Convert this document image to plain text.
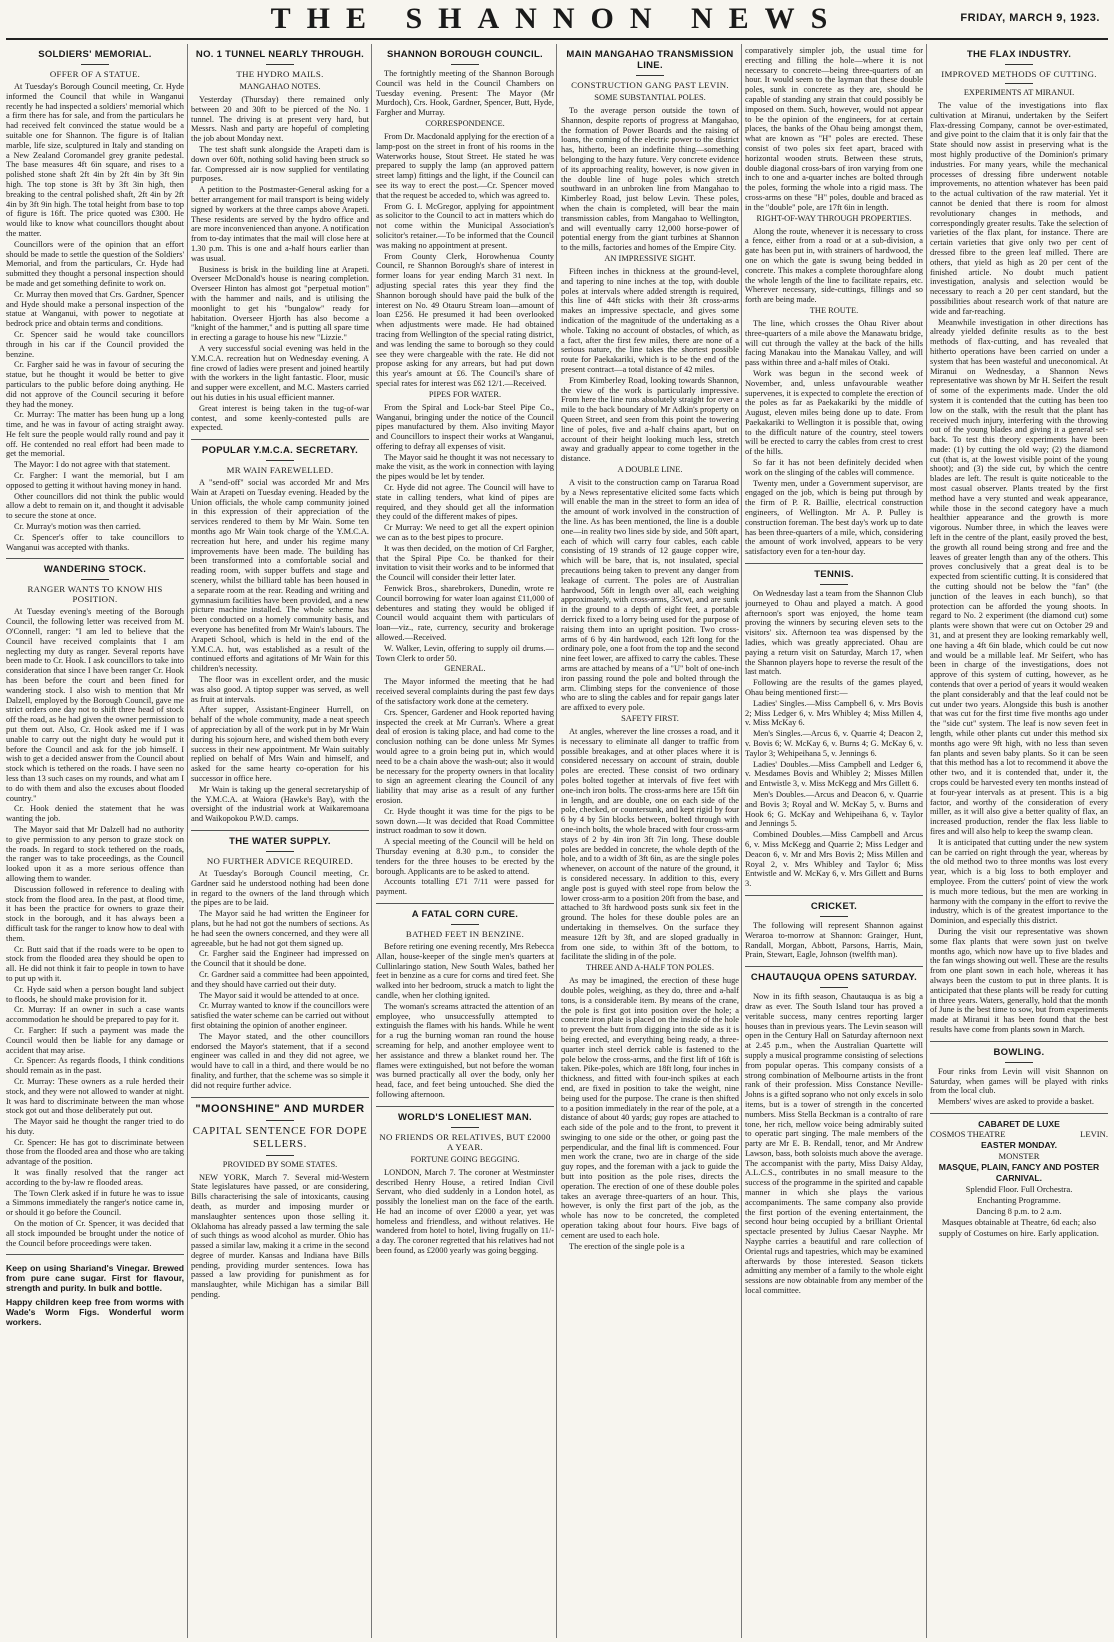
THE SHANNON NEWS	FRIDAY, MARCH 9, 1923.
SOLDIERS' MEMORIAL.
OFFER OF A STATUE.

At Tuesday's Borough Council meeting, Cr. Hyde informed the Council that while in Wanganui recently he had inspected a soldiers' memorial which a firm there has for sale, and from the particulars he had received felt convinced the statue would be a suitable one for Shannon. The figure is of Italian marble, life size, sculptured in Italy and standing on a New Zealand Coromandel grey granite pedestal. The base measures 4ft 6in square, and rises to a polished stone shaft 2ft 4in by 2ft 4in by 3ft 9in high. The top stone is 3ft by 3ft 3in high, then breaking to the central polished shaft, 2ft 4in by 2ft 4in by 3ft 9in high. The total height from base to top of figure is 16ft. The price quoted was £300. He would like to know what councillors thought about the matter.

Councillors were of the opinion that an effort should be made to settle the question of the Soldiers' Memorial, and from the particulars, Cr. Hyde had submitted they thought a personal inspection should be made and get something definite to work on.

Cr. Murray then moved that Crs. Gardner, Spencer and Hyde should make a personal inspection of the statue at Wanganui, with power to negotiate at bedrock price and obtain terms and conditions.

Cr. Spencer said he would take councillors through in his car if the Council provided the benzine.

Cr. Fargher said he was in favour of securing the statue, but he thought it would be better to give particulars to the public before doing anything. He did not approve of the Council securing it before they had the money.

Cr. Murray: The matter has been hung up a long time, and he was in favour of acting straight away. He felt sure the people would rally round and pay it off. He contended no real effort had been made to get the memorial.

The Mayor: I do not agree with that statement.

Cr. Fargher: I want the memorial, but I am opposed to getting it without having money in hand.

Other councillors did not think the public would allow a debt to remain on it, and thought it advisable to secure the stone at once.

Cr. Murray's motion was then carried.

Cr. Spencer's offer to take councillors to Wanganui was accepted with thanks.

WANDERING STOCK.
RANGER WANTS TO KNOW HIS POSITION.

At Tuesday evening's meeting of the Borough Council, the following letter was received from M. O'Connell, ranger: "I am led to believe that the Council have received complaints that I am neglecting my duty as ranger. Several reports have been made to Cr. Hook. I ask councillors to take into consideration that since I have been ranger Cr. Hook has been before the court and been fined for wandering stock. I also wish to mention that Mr Dalzell, employed by the Borough Council, gave me strict orders one day not to shift three head of stock off the road, as he had given the owner permission to put them out. Also, Cr. Hook asked me if I was unable to carry out the night duty he would put it before the Council and ask for the job himself. I wish to get a decided answer from the Council about stock which is tethered on the roads. I have seen no less than 13 such cases on my rounds, and what am I to do with them and also the excuses about flooded country."

Cr. Hook denied the statement that he was wanting the job.

The Mayor said that Mr Dalzell had no authority to give permission to any person to graze stock on the roads. In regard to stock tethered on the roads, the ranger was to take proceedings, as the Council looked upon it as a more serious offence than allowing them to wander.

Discussion followed in reference to dealing with stock from the flood area. In the past, at flood time, it has been the practice for owners to graze their stock in the borough, and it has always been a difficult task for the ranger to know how to deal with them.

Cr. Butt said that if the roads were to be open to stock from the flooded area they should be open to all. He did not think it fair to people in town to have to put up with it.

Cr. Hyde said when a person bought land subject to floods, he should make provision for it.

Cr. Murray: If an owner in such a case wants accommodation he should be prepared to pay for it.

Cr. Fargher: If such a payment was made the Council would then be liable for any damage or accident that may arise.

Cr. Spencer: As regards floods, I think conditions should remain as in the past.

Cr. Murray: These owners as a rule herded their stock, and they were not allowed to wander at night. It was hard to discriminate between the man whose stock got out and those deliberately put out.

The Mayor said he thought the ranger tried to do his duty.

Cr. Spencer: He has got to discriminate between those from the flooded area and those who are taking advantage of the position.

It was finally resolved that the ranger act according to the by-law re flooded areas.

The Town Clerk asked if in future he was to issue a Simmons immediately the ranger's notice came in, or should it go before the Council.

On the motion of Cr. Spencer, it was decided that all stock impounded be brought under the notice of the Council before proceedings were taken.

Keep on using Shariand's Vinegar. Brewed from pure cane sugar. First for flavour, strength and purity. In bulk and bottle.
Happy children keep free from worms with Wade's Worm Figs. Wonderful worm workers.
NO. 1 TUNNEL NEARLY THROUGH.
THE HYDRO MAILS.
MANGAHAO NOTES.

Yesterday (Thursday) there remained only between 20 and 30ft to be pierced of the No. 1 tunnel. The driving is at present very hard, but Messrs. Nash and party are hopeful of completing the job about Monday next.

The test shaft sunk alongside the Arapeti dam is down over 60ft, nothing solid having been struck so far. Compressed air is now supplied for ventilating purposes.

A petition to the Postmaster-General asking for a better arrangement for mail transport is being widely signed by workers at the three camps above Arapeti. These residents are served by the hydro office and are more inconvenienced than anyone. A notification from to-day intimates that the mail will close here at 1.30 p.m. This is one and a-half hours earlier than was usual.

Business is brisk in the building line at Arapeti. Overseer McDonald's house is nearing completion. Overseer Hinton has almost got "perpetual motion" with the hammer and nails, and is utilising the moonlight to get his "bungalow" ready for habitation. Overseer Hjorth has also become a "knight of the hammer," and is putting all spare time in erecting a garage to house his new "Lizzie."

A very successful social evening was held in the Y.M.C.A. recreation hut on Wednesday evening. A fine crowd of ladies were present and joined heartily with the workers in the light fantastic. Floor, music and supper were excellent, and M.C. Masters carried out his duties in his usual efficient manner.

Great interest is being taken in the tug-of-war contest, and some keenly-contested pulls are expected.

POPULAR Y.M.C.A. SECRETARY.
MR WAIN FAREWELLED.

A "send-off" social was accorded Mr and Mrs Wain at Arapeti on Tuesday evening. Headed by the Union officials, the whole camp community joined in this expression of their appreciation of the services rendered to them by Mr Wain. Some ten months ago Mr Wain took charge of the Y.M.C.A. recreation hut here, and under his regime many improvements have been made. The building has been transformed into a comfortable social and reading room, with supper buffets and stage and scenery, whilst the billiard table has been housed in a separate room at the rear. Reading and writing and gymnasium facilities have been provided, and a new picture machine installed. The whole scheme has been conducted on a homely community basis, and everyone has benefited from Mr Wain's labours. The Arapeti School, which is held in the end of the Y.M.C.A. hut, was established as a result of the continued efforts and agitations of Mr Wain for this children's necessity.

The floor was in excellent order, and the music was also good. A tiptop supper was served, as well as fruit at intervals.

After supper, Assistant-Engineer Hurrell, on behalf of the whole community, made a neat speech of appreciation by all of the work put in by Mr Wain during his sojourn here, and wished them both every success in their new appointment. Mr Wain suitably replied on behalf of Mrs Wain and himself, and asked for the same hearty co-operation for his successor in office here.

Mr Wain is taking up the general secretaryship of the Y.M.C.A. at Waiora (Hawke's Bay), with the oversight of the industrial work at Waikaremoana and Waikopokou P.W.D. camps.

THE WATER SUPPLY.
NO FURTHER ADVICE REQUIRED.

At Tuesday's Borough Council meeting, Cr. Gardner said he understood nothing had been done in regard to the owners of the land through which the pipes are to be laid.

The Mayor said he had written the Engineer for plans, but he had not got the numbers of sections. As he had seen the owners concerned, and they were all agreeable, but he had not got them signed up.

Cr. Fargher said the Engineer had impressed on the Council that it should be done.

Cr. Gardner said a committee had been appointed, and they should have carried out their duty.

The Mayor said it would be attended to at once.

Cr. Murray wanted to know if the councillors were satisfied the water scheme can be carried out without first obtaining the opinion of another engineer.

The Mayor stated, and the other councillors endorsed the Mayor's statement, that if a second engineer was called in and they did not agree, we would have to call in a third, and there would be no finality, and further, that the scheme was so simple it did not require further advice.

"MOONSHINE" AND MURDER
CAPITAL SENTENCE FOR DOPE SELLERS.
PROVIDED BY SOME STATES.

NEW YORK, March 7. Several mid-Western State legislatures have passed, or are considering, Bills characterising the sale of intoxicants, causing death, as murder and imposing murder or manslaughter sentences upon those selling it. Oklahoma has already passed a law terming the sale of such things as wood alcohol as murder. Ohio has passed a similar law, making it a crime in the second degree of murder. Kansas and Indiana have Bills pending, providing murder sentences. Iowa has passed a law providing for punishment as for manslaughter, while Michigan has a similar Bill pending.

SHANNON BOROUGH COUNCIL.

The fortnightly meeting of the Shannon Borough Council was held in the Council Chambers on Tuesday evening. Present: The Mayor (Mr Murdoch), Crs. Hook, Gardner, Spencer, Butt, Hyde, Fargher and Murray.

CORRESPONDENCE.

From Dr. Macdonald applying for the erection of a lamp-post on the street in front of his rooms in the Waterworks house, Stout Street. He stated he was prepared to supply the lamp (an approved pattern street lamp) fittings and the light, if the Council can see its way to erect the post.—Cr. Spencer moved that the request be acceded to, which was agreed to.

From G. I. McGregor, applying for appointment as solicitor to the Council to act in matters which do not come within the Municipal Association's solicitor's retainer.—To be informed that the Council was making no appointment at present.

From County Clerk, Horowhenua County Council, re Shannon Borough's share of interest in former loans for year ending March 31 next. In adjusting special rates this year they find the Shannon borough should have paid the bulk of the interest on No. 49 Otauru Stream loan—amount of loan £256. He presumed it had been overlooked when adjustments were made. He had obtained tracing from Wellington of the special rating district, and was lending the same to borough so they could see they were chargeable with the rate. He did not propose asking for any arrears, but had put down this year's amount at £6. The Council's share of special rates for interest was £62 12/1.—Received.

PIPES FOR WATER.

From the Spiral and Lock-bar Steel Pipe Co., Wanganui, bringing under the notice of the Council pipes manufactured by them. Also inviting Mayor and Councillors to inspect their works at Wanganui, offering to defray all expenses of visit.

The Mayor said he thought it was not necessary to make the visit, as the work in connection with laying the pipes would be let by tender.

Cr. Hyde did not agree. The Council will have to state in calling tenders, what kind of pipes are required, and they should get all the information they could of the different makes of pipes.

Cr Murray: We need to get all the expert opinion we can as to the best pipes to procure.

It was then decided, on the motion of Crl Fargher, that the Spiral Pipe Co. be thanked for their invitation to visit their works and to be informed that the Council will consider their letter later.

Fenwick Bros., sharebrokers, Dunedin, wrote re Council borrowing for water loan against £11,000 of debentures and stating they would be obliged if Council would acquaint them with particulars of loan—viz., rate, currency, security and brokerage allowed.—Received.

W. Walker, Levin, offering to supply oil drums.—Town Clerk to order 50.

GENERAL.

The Mayor informed the meeting that he had received several complaints during the past few days of the satisfactory work done at the cemetery.

Crs. Spencer, Gardener and Hook reported having inspected the creek at Mr Curran's. Where a great deal of erosion is taking place, and had come to the conclusion nothing can be done unless Mr Symes would agree to a groin being put in, which would need to be a chain above the wash-out; also it would be necessary for the property owners in that locality to sign an agreement clearing the Council of any liability that may arise as a result of any further erosion.

Cr. Hyde thought it was time for the pigs to be sown down.—It was decided that Road Committee instruct roadman to sow it down.

A special meeting of the Council will be held on Thursday evening at 8.30 p.m., to consider the tenders for the three houses to be erected by the borough. Applicants are to be asked to attend.

Accounts totalling £71 7/11 were passed for payment.

A FATAL CORN CURE.
BATHED FEET IN BENZINE.

Before retiring one evening recently, Mrs Rebecca Allan, house-keeper of the single men's quarters at Cullinlaringo station, New South Wales, bathed her feet in benzine as a cure for corns and tired feet. She walked into her bedroom, struck a match to light the candle, when her clothing ignited.

The woman's screams attracted the attention of an employee, who unsuccessfully attempted to extinguish the flames with his hands. While he went for a rug the burning woman ran round the house screaming for help, and another employee went to her assistance and threw a blanket round her. The flames were extinguished, but not before the woman was burned practically all over the body, only her head, face, and feet being untouched. She died the following afternoon.

WORLD'S LONELIEST MAN.
NO FRIENDS OR RELATIVES, BUT £2000 A YEAR.
FORTUNE GOING BEGGING.

LONDON, March 7. The coroner at Westminster described Henry House, a retired Indian Civil Servant, who died suddenly in a London hotel, as possibly the loneliest man on the face of the earth. He had an income of over £2000 a year, yet was homeless and friendless, and without relatives. He wandered from hotel to hotel, living frugally on 11/- a day. The coroner regretted that his relatives had not been found, as £2000 yearly was going begging.

MAIN MANGAHAO TRANSMISSION LINE.
CONSTRUCTION GANG PAST LEVIN.
SOME SUBSTANTIAL POLES.

To the average person outside the town of Shannon, despite reports of progress at Mangahao, the formation of Power Boards and the raising of loans, the coming of the electric power to the district has, hitherto, been an indefinite thing—something belonging to the hazy future. Very concrete evidence of its approaching reality, however, is now given in the double line of huge poles which stretch southward in an unbroken line from Mangahao to Kimberley Road, just below Levin. These poles, when the chain is completed, will bear the main transmission cables, from Mangahao to Wellington, and will eventually carry 12,000 horse-power of potential energy from the giant turbines at Shannon to the mills, factories and homes of the Empire City.

AN IMPRESSIVE SIGHT.

Fifteen inches in thickness at the ground-level, and tapering to nine inches at the top, with double poles at intervals where added strength is required, this line of 44ft sticks with their 3ft cross-arms makes an impressive spectacle, and gives some indication of the magnitude of the undertaking as a whole. Taking no account of obstacles, of which, as a fact, after the first few miles, there are none of a serious nature, the line takes the shortest possible route for Paekakariki, which is to be the end of the present contract—a total distance of 42 miles.

From Kimberley Road, looking towards Shannon, the view of the work is particularly impressive. From here the line runs absolutely straight for over a mile to the back boundary of Mr Adkin's property on Queen Street, and seen from this point the towering line of poles, five and a-half chains apart, but on account of their height looking much less, stretch away and gradually appear to come together in the distance.

A DOUBLE LINE.

A visit to the construction camp on Tararua Road by a News representative elicited some facts which will enable the man in the street to form an idea of the amount of work involved in the construction of the line. As has been mentioned, the line is a double one—in reality two lines side by side, and 50ft apart, each of which will carry four cables, each cable consisting of 19 strands of 12 gauge copper wire, which will be bare, that is, not insulated, special precautions being taken to prevent any danger from leakage of current. The poles are of Australian hardwood, 56ft in length over all, each weighing approximately, with cross-arms, 35cwt, and are sunk in the ground to a depth of eight feet, a portable derrick fixed to a lorry being used for the purpose of raising them into an upright position. Two cross-arms of 6 by 4in hardwood, each 12ft long for the ordinary pole, one a foot from the top and the second nine feet lower, are affixed to carry the cables. These arms are attached by means of a "U" bolt of one-inch iron passing round the pole and bolted through the arm. Climbing steps for the convenience of those who are to sling the cables and for repair gangs later are affixed to every pole.

SAFETY FIRST.

At angles, wherever the line crosses a road, and it is necessary to eliminate all danger to traffic from possible breakages, and at other places where it is considered necessary on account of strain, double poles are erected. These consist of two ordinary poles bolted together at intervals of five feet with one-inch iron bolts. The cross-arms here are 15ft 6in in length, and are double, one on each side of the pole, checked, or countersunk, and kept rigid by four 6 by 4 by 5in blocks between, bolted through with one-inch bolts, the whole braced with four cross-arm stays of 2 by 4in iron 3ft 7in long. These double poles are bedded in concrete, the whole depth of the hole, and to a width of 3ft 6in, as are the single poles whenever, on account of the nature of the ground, it is considered necessary. In addition to this, every angle post is guyed with steel rope from below the lower cross-arm to a position 20ft from the base, and attached to 3ft hardwood posts sunk six feet in the ground. The holes for these double poles are an undertaking in themselves. On the surface they measure 12ft by 3ft, and are sloped gradually in from one side, to within 3ft of the bottom, to facilitate the sliding in of the pole.

THREE AND A-HALF TON POLES.

As may be imagined, the erection of these huge double poles, weighing, as they do, three and a-half tons, is a considerable item. By means of the crane, the pole is first got into position over the hole; a concrete iron plate is placed on the inside of the hole to prevent the butt from digging into the side as it is being erected, and everything being ready, a three-quarter inch steel derrick cable is fastened to the pole below the cross-arms, and the first lift of 16ft is taken. Pike-poles, which are 18ft long, four inches in thickness, and fitted with four-inch spikes at each end, are fixed in position to take the weight, nine being used for the purpose. The crane is then shifted to a position immediately in the rear of the pole, at a distance of about 40 yards; guy ropes are attached to each side of the pole and to the front, to prevent it swinging to one side or the other, or going past the perpendicular, and the final lift is commenced. Four men work the crane, two are in charge of the side guy ropes, and the foreman with a jack to guide the butt into position as the pole rises, directs the operation. The erection of one of these double poles takes an average three-quarters of an hour. This, however, is only the first part of the job, as the whole has now to be concreted, the completed operation taking about four hours. Five bags of cement are used to each hole.

The erection of the single pole is a

comparatively simpler job, the usual time for erecting and filling the hole—where it is not necessary to concrete—being three-quarters of an hour. It would seem to the layman that these double poles, sunk in concrete as they are, should be capable of standing any strain that could possibly be imposed on them. Such, however, would not appear to be the opinion of the engineers, for at certain places, the banks of the Ohau being amongst them, what are known as "H" poles are erected. These consist of two poles six feet apart, braced with horizontal wooden struts. Between these struts, double diagonal cross-bars of iron varying from one inch to one and a-quarter inches are bolted through the poles, forming the whole into a rigid mass. The cross-arms on these "H" poles, double and braced as in the "double" pole, are 17ft 6in in length.

RIGHT-OF-WAY THROUGH PROPERTIES.

Along the route, whenever it is necessary to cross a fence, either from a road or at a sub-division, a gate has been put in, with strainers of hardwood, the one on which the gate is swung being bedded in concrete. This makes a complete thoroughfare along the whole length of the line to facilitate repairs, etc. Wherever necessary, side-cuttings, fillings and so forth are being made.

THE ROUTE.

The line, which crosses the Ohau River about three-quarters of a mile above the Manawatu bridge, will cut through the valley at the back of the hills facing Manakau into the Manakau Valley, and will pass within three and a-half miles of Otaki.

Work was begun in the second week of November, and, unless unfavourable weather supervenes, it is expected to complete the erection of the poles as far as Paekakariki by the middle of August, eleven miles being done up to date. From Paekakariki to Wellington it is possible that, owing to the difficult nature of the country, steel towers will be erected to carry the cables from crest to crest of the hills.

So far it has not been definitely decided when work on the slinging of the cables will commence.

Twenty men, under a Government supervisor, are engaged on the job, which is being put through by the firm of P. R. Baillie, electrical construction engineers, of Wellington. Mr A. P. Pulley is construction foreman. The best day's work up to date has been three-quarters of a mile, which, considering the amount of work involved, appears to be very satisfactory even for a ten-hour day.

TENNIS.

On Wednesday last a team from the Shannon Club journeyed to Ohau and played a match. A good afternoon's sport was enjoyed, the home team proving the winners by securing eleven sets to the visitors' six. Afternoon tea was dispensed by the ladies, which was greatly appreciated. Ohau are paying a return visit on Saturday, March 17, when the Shannon players hope to reverse the result of the last match.

Following are the results of the games played, Ohau being mentioned first:—

Ladies' Singles.—Miss Campbell 6, v. Mrs Bovis 2; Miss Ledger 6, v. Mrs Whibley 4; Miss Millen 4, v. Miss McKay 6.

Men's Singles.—Arcus 6, v. Quarrie 4; Deacon 2, v. Bovis 6; W. McKay 6, v. Burns 4; G. McKay 6, v. Taylor 3; Wehipeihana 5, v. Jennings 6.

Ladies' Doubles.—Miss Campbell and Ledger 6, v. Mesdames Bovis and Whibley 2; Misses Millen and Entwistle 3, v. Miss McKegg and Mrs Gillett 6.

Men's Doubles.—Arcus and Deacon 6, v. Quarrie and Bovis 3; Royal and W. McKay 5, v. Burns and Hook 6; G. McKay and Wehipeihana 6, v. Taylor and Jennings 5.

Combined Doubles.—Miss Campbell and Arcus 6, v. Miss McKegg and Quarrie 2; Miss Ledger and Deacon 6, v. Mr and Mrs Bovis 2; Miss Millen and Royal 2, v. Mrs Whibley and Taylor 6; Miss Entwistle and W. McKay 6, v. Mrs Gillett and Burns 3.

CRICKET.

The following will represent Shannon against Weraroa to-morrow at Shannon: Grainger, Hunt, Randall, Morgan, Abbott, Parsons, Harris, Main, Prain, Stewart, Eagle, Johnson (twelfth man).

CHAUTAUQUA OPENS SATURDAY.

Now in its fifth season, Chautauqua is as big a draw as ever. The South Island tour has proved a veritable success, many centres reporting larger houses than in previous years. The Levin season will open in the Century Hall on Saturday afternoon next at 2.45 p.m., when the Australian Quartette will supply a musical programme consisting of selections from popular operas. This company consists of a strong combination of Melbourne artists in the front rank of their profession. Miss Constance Neville-Johns is a gifted soprano who not only excels in solo items, but is a tower of strength in the concerted numbers. Miss Stella Beckman is a contralto of rare tone, her rich, mellow voice being admirably suited to operatic part singing. The male members of the party are Mr E. B. Rendall, tenor, and Mr Andrew Lawson, bass, both soloists much above the average. The accompanist with the party, Miss Daisy Alday, A.L.C.S., contributes in no small measure to the success of the programme in the spirited and capable manner in which she plays the various accompaniments. The same company also provide the first portion of the evening entertainment, the second hour being occupied by a brilliant Oriental spectacle presented by Julius Caesar Nayphe. Mr Nayphe carries a beautiful and rare collection of Oriental rugs and tapestries, which may be examined afterwards by those interested. Season tickets admitting any member of a family to the whole eight sessions are now obtainable from any member of the local committee.

THE FLAX INDUSTRY.
IMPROVED METHODS OF CUTTING.
EXPERIMENTS AT MIRANUI.

The value of the investigations into flax cultivation at Miranui, undertaken by the Seifert Flax-dressing Company, cannot be over-estimated, and give point to the claim that it is only fair that the State should now assist in preserving what is the most highly productive of the Dominion's primary industries. For many years, while the mechanical processes of dressing fibre underwent notable improvements, no attention whatever has been paid to the actual cultivation of the raw material. Yet it cannot be denied that there is room for almost revolutionary changes in methods, and correspondingly greater results. Take the selection of varieties of the flax plant, for instance. There are certain varieties that give only two per cent of dressed fibre to the green leaf milled. There are others, that yield as high as 20 per cent of the finished article. No doubt much patient investigation, analysis and selection would be necessary to reach a 20 per cent standard, but the possibilities about research work of that nature are wide and far-reaching.

Meanwhile investigation in other directions has already yielded definite results as to the best methods of flax-cutting, and has revealed that hitherto operations have been carried on under a system that has been wasteful and uneconomical. At Miranui on Wednesday, a Shannon News representative was shown by Mr H. Seifert the result of some of the experiments made. Under the old system it is contended that the cutting has been too low on the stalk, with the result that the plant has received much injury, interfering with the throwing out of the young blades and giving it a general set-back. To test this theory experiments have been made: (1) by cutting the old way; (2) the diamond cut (that is, at the lowest visible point of the young shoot); and (3) the side cut, by which the centre blades are left. The result is quite noticeable to the most casual observer. Plants treated by the first method have a very stunted and weak appearance, while those in the second category have a much healthier appearance and the growth is more vigorous. Number three, in which the leaves were left in the centre of the plant, easily proved the best, the growth all round being strong and free and the leaves of greater length than any of the others. This proves conclusively that a great deal is to be expected from scientific cutting. It is considered that the cutting should not be below the "fan" (the junction of the leaves in each bunch), so that protection can be afforded the young shoots. In regard to No. 2 experiment (the diamond cut) some plants were shown that were cut on October 29 and 31, and at present they are looking remarkably well, one having a 4ft 6in blade, which could be cut now and would be a millable leaf. Mr Seifert, who has been in charge of the investigations, does not approve of this system of cutting, however, as he contends that over a period of years it would weaken the plant considerably and that the leaf could not be cut under two years. Alongside this bush is another that was cut for the first time five months ago under the "side cut" system. The leaf is now seven feet in length, while other plants cut under this method six months ago were 9ft high, with no less than seven fan plants and seven baby plants. So it can be seen that this method has a lot to recommend it above the other two, and it is contended that, under it, the crops could be harvested every ten months instead of at four-year intervals as at present. This is a big factor, and worthy of the consideration of every miller, as it will also give a better quality of flax, an increased production, render the flax less liable to fires and will also help to keep the swamp clean.

It is anticipated that cutting under the new system can be carried on right through the year, whereas by the old method two to three months was lost every year, which is a big loss to both employer and employee. From the cutters' point of view the work is much more tedious, but the men are working in harmony with the company in the effort to revive the industry, which is of the greatest importance to the Dominion, and especially this district.

During the visit our representative was shown some flax plants that were sown just on twelve months ago, which now have up to five blades and the fan wings showing out well. These are the results from one plant sown in each hole, whereas it has always been the custom to put in three plants. It is anticipated that these plants will be ready for cutting in three years. Waters, generally, hold that the month of June is the best time to sow, but from experiments made at Miranui it has been found that the best results have come from plants sown in March.

BOWLING.

Four rinks from Levin will visit Shannon on Saturday, when games will be played with rinks from the local club.

Members' wives are asked to provide a basket.

CABARET DE LUXE
COSMOS THEATRE	LEVIN.
EASTER MONDAY.
MONSTER
MASQUE, PLAIN, FANCY AND POSTER CARNIVAL.
Splendid Floor. Full Orchestra.
Enchanting Programme.
Dancing 8 p.m. to 2 a.m.
Masques obtainable at Theatre, 6d each; also supply of Costumes on hire. Early application.
